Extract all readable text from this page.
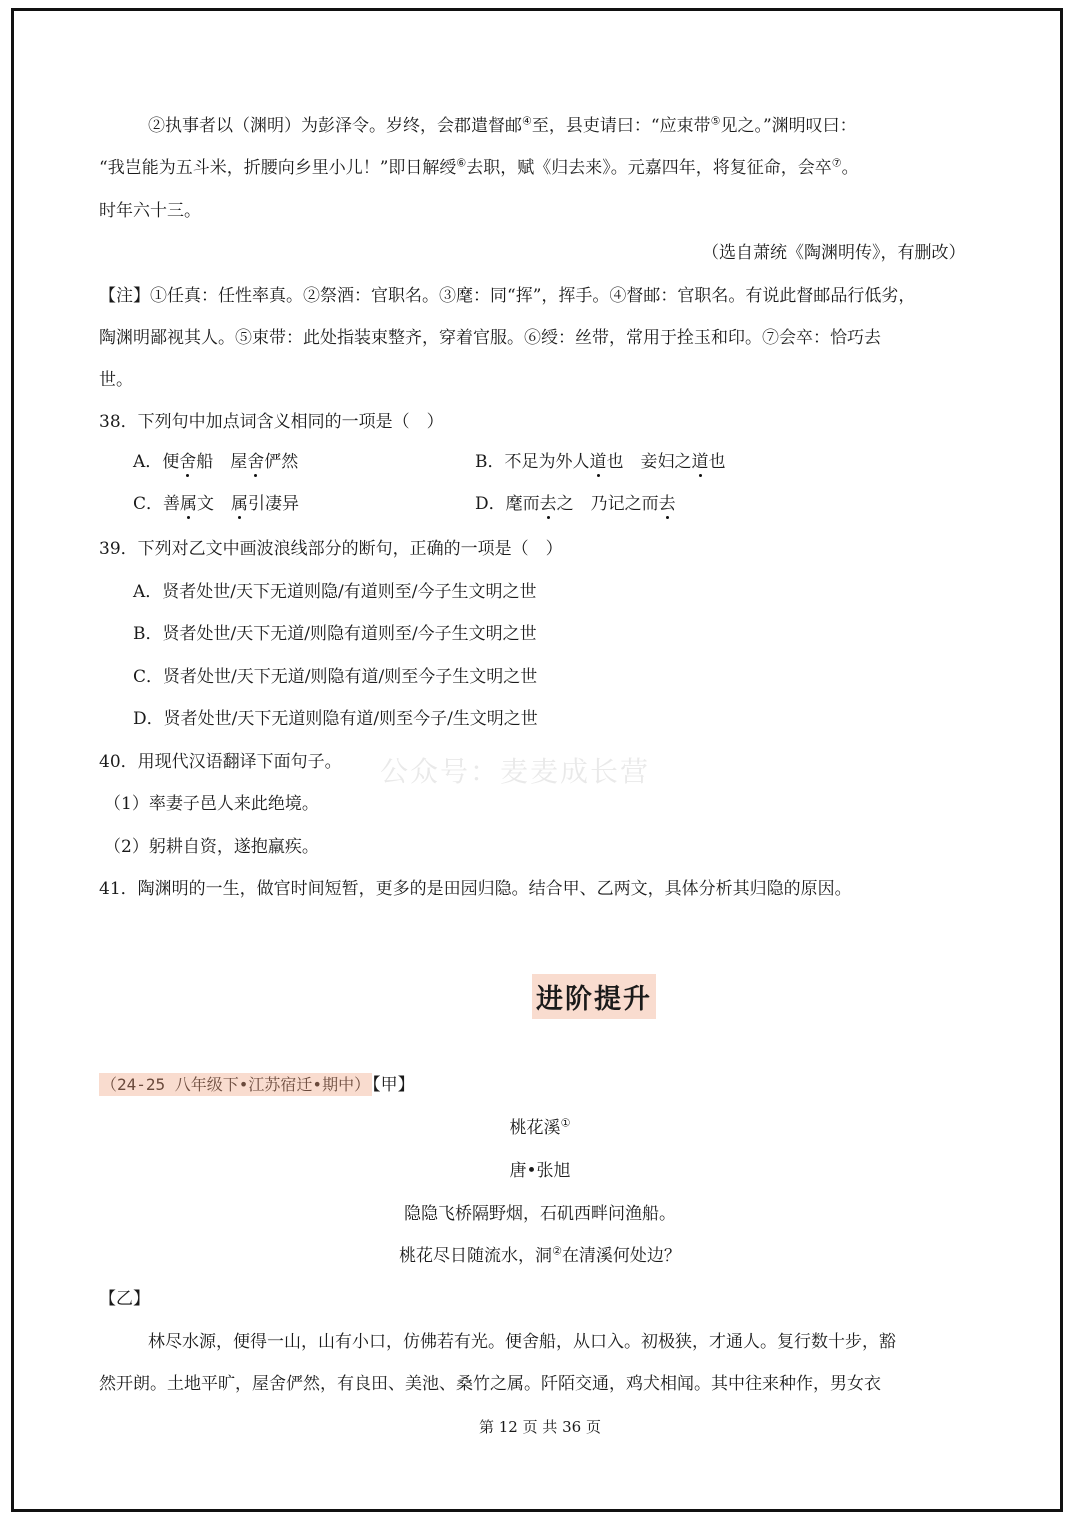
②执事者以（渊明）为彭泽令。岁终，会郡遣督邮④至，县吏请曰：“应束带⑤见之。”渊明叹曰：
“我岂能为五斗米，折腰向乡里小儿！”即日解绶⑥去职，赋《归去来》。元嘉四年，将复征命，会卒⑦。
时年六十三。
（选自萧统《陶渊明传》，有删改）
【注】①任真：任性率真。②祭酒：官职名。③麾：同“挥”，挥手。④督邮：官职名。有说此督邮品行低劣，
陶渊明鄙视其人。⑤束带：此处指装束整齐，穿着官服。⑥绶：丝带，常用于拴玉和印。⑦会卒：恰巧去
世。
38．下列句中加点词含义相同的一项是（　）
A．便舍船　 屋舍俨然	B．不足为外人道也　 妾妇之道也
C．善属文　 属引凄异	D．麾而去之　 乃记之而去
39．下列对乙文中画波浪线部分的断句，正确的一项是（　）
A．贤者处世/天下无道则隐/有道则至/今子生文明之世
B．贤者处世/天下无道/则隐有道则至/今子生文明之世
C．贤者处世/天下无道/则隐有道/则至今子生文明之世
D．贤者处世/天下无道则隐有道/则至今子/生文明之世
40．用现代汉语翻译下面句子。 公众号：麦麦成长营
（1）率妻子邑人来此绝境。
（2）躬耕自资，遂抱羸疾。
41．陶渊明的一生，做官时间短暂，更多的是田园归隐。结合甲、乙两文，具体分析其归隐的原因。
进阶提升
（24-25 八年级下•江苏宿迁•期中） 【甲】
桃花溪①
唐•张旭
隐隐飞桥隔野烟，石矶西畔问渔船。
桃花尽日随流水，洞②在清溪何处边？
【乙】
林尽水源，便得一山，山有小口，仿佛若有光。便舍船，从口入。初极狭，才通人。复行数十步，豁
然开朗。土地平旷，屋舍俨然，有良田、美池、桑竹之属。阡陌交通，鸡犬相闻。其中往来种作，男女衣
第 12 页 共 36 页
